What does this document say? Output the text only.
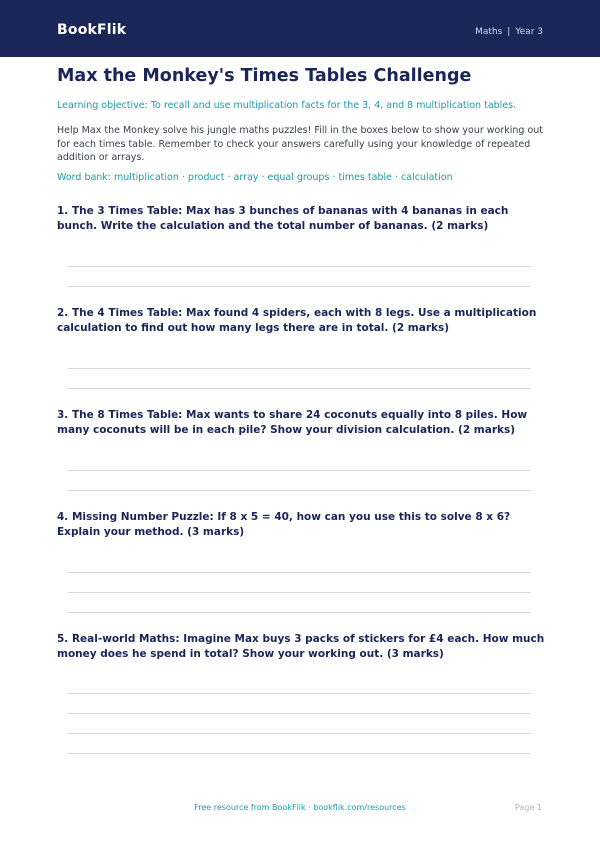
BookFlik	Maths | Year 3
Max the Monkey's Times Tables Challenge
Learning objective: To recall and use multiplication facts for the 3, 4, and 8 multiplication tables.
Help Max the Monkey solve his jungle maths puzzles! Fill in the boxes below to show your working out for each times table. Remember to check your answers carefully using your knowledge of repeated addition or arrays.
Word bank: multiplication · product · array · equal groups · times table · calculation
1. The 3 Times Table: Max has 3 bunches of bananas with 4 bananas in each bunch. Write the calculation and the total number of bananas. (2 marks)
2. The 4 Times Table: Max found 4 spiders, each with 8 legs. Use a multiplication calculation to find out how many legs there are in total. (2 marks)
3. The 8 Times Table: Max wants to share 24 coconuts equally into 8 piles. How many coconuts will be in each pile? Show your division calculation. (2 marks)
4. Missing Number Puzzle: If 8 x 5 = 40, how can you use this to solve 8 x 6? Explain your method. (3 marks)
5. Real-world Maths: Imagine Max buys 3 packs of stickers for £4 each. How much money does he spend in total? Show your working out. (3 marks)
Free resource from BookFlik · bookflik.com/resources	Page 1
